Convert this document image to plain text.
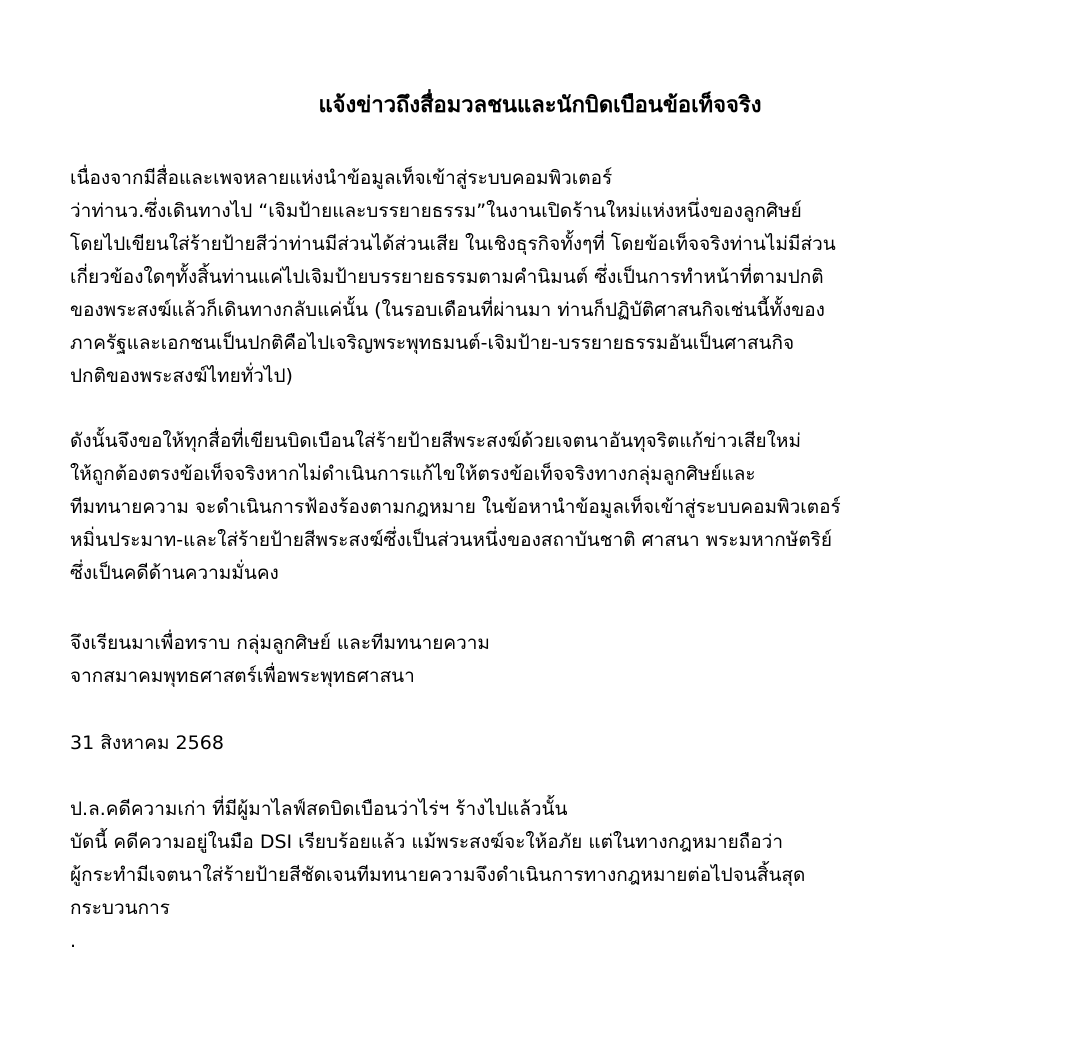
แจ้งข่าวถึงสื่อมวลชนและนักบิดเบือนข้อเท็จจริง
เนื่องจากมีสื่อและเพจหลายแห่งนำข้อมูลเท็จเข้าสู่ระบบคอมพิวเตอร์
ว่าท่านว.ซึ่งเดินทางไป “เจิมป้ายและบรรยายธรรม”ในงานเปิดร้านใหม่แห่งหนึ่งของลูกศิษย์
โดยไปเขียนใส่ร้ายป้ายสีว่าท่านมีส่วนได้ส่วนเสีย ในเชิงธุรกิจทั้งๆที่ โดยข้อเท็จจริงท่านไม่มีส่วน
เกี่ยวข้องใดๆทั้งสิ้นท่านแค่ไปเจิมป้ายบรรยายธรรมตามคำนิมนต์ ซึ่งเป็นการทำหน้าที่ตามปกติ
ของพระสงฆ์แล้วก็เดินทางกลับแค่นั้น (ในรอบเดือนที่ผ่านมา ท่านก็ปฏิบัติศาสนกิจเช่นนี้ทั้งของ
ภาครัฐและเอกชนเป็นปกติคือไปเจริญพระพุทธมนต์-เจิมป้าย-บรรยายธรรมอันเป็นศาสนกิจ
ปกติของพระสงฆ์ไทยทั่วไป)
ดังนั้นจึงขอให้ทุกสื่อที่เขียนบิดเบือนใส่ร้ายป้ายสีพระสงฆ์ด้วยเจตนาอันทุจริตแก้ข่าวเสียใหม่
ให้ถูกต้องตรงข้อเท็จจริงหากไม่ดำเนินการแก้ไขให้ตรงข้อเท็จจริงทางกลุ่มลูกศิษย์และ
ทีมทนายความ จะดำเนินการฟ้องร้องตามกฎหมาย ในข้อหานำข้อมูลเท็จเข้าสู่ระบบคอมพิวเตอร์
หมิ่นประมาท-และใส่ร้ายป้ายสีพระสงฆ์ซึ่งเป็นส่วนหนึ่งของสถาบันชาติ ศาสนา พระมหากษัตริย์
ซึ่งเป็นคดีด้านความมั่นคง
จึงเรียนมาเพื่อทราบ กลุ่มลูกศิษย์ และทีมทนายความ
จากสมาคมพุทธศาสตร์เพื่อพระพุทธศาสนา
31 สิงหาคม 2568
ป.ล.คดีความเก่า ที่มีผู้มาไลฟ์สดบิดเบือนว่าไร่ฯ ร้างไปแล้วนั้น
บัดนี้ คดีความอยู่ในมือ DSI เรียบร้อยแล้ว แม้พระสงฆ์จะให้อภัย แต่ในทางกฎหมายถือว่า
ผู้กระทำมีเจตนาใส่ร้ายป้ายสีชัดเจนทีมทนายความจึงดำเนินการทางกฎหมายต่อไปจนสิ้นสุด
กระบวนการ
.
